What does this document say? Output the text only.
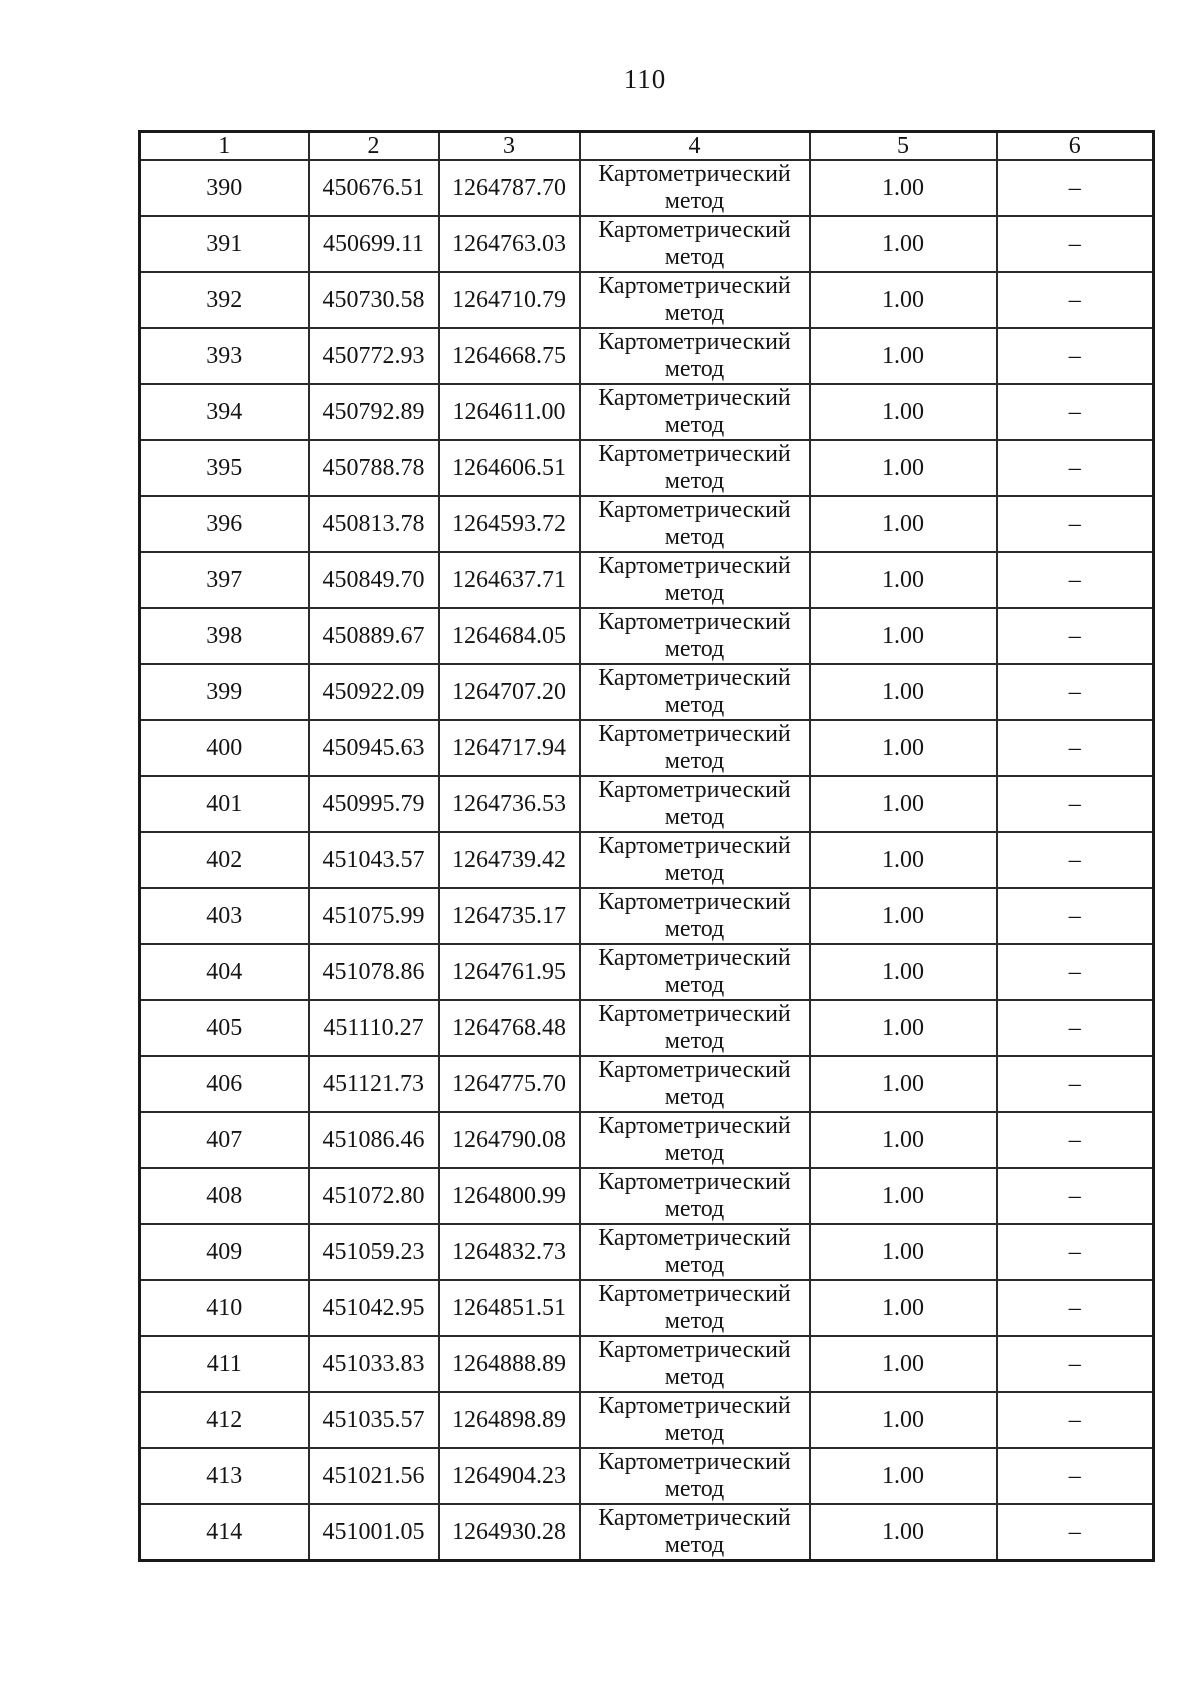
110
1	2	3	4	5	6
390	450676.51	1264787.70	Картометрический метод	1.00	–
391	450699.11	1264763.03	Картометрический метод	1.00	–
392	450730.58	1264710.79	Картометрический метод	1.00	–
393	450772.93	1264668.75	Картометрический метод	1.00	–
394	450792.89	1264611.00	Картометрический метод	1.00	–
395	450788.78	1264606.51	Картометрический метод	1.00	–
396	450813.78	1264593.72	Картометрический метод	1.00	–
397	450849.70	1264637.71	Картометрический метод	1.00	–
398	450889.67	1264684.05	Картометрический метод	1.00	–
399	450922.09	1264707.20	Картометрический метод	1.00	–
400	450945.63	1264717.94	Картометрический метод	1.00	–
401	450995.79	1264736.53	Картометрический метод	1.00	–
402	451043.57	1264739.42	Картометрический метод	1.00	–
403	451075.99	1264735.17	Картометрический метод	1.00	–
404	451078.86	1264761.95	Картометрический метод	1.00	–
405	451110.27	1264768.48	Картометрический метод	1.00	–
406	451121.73	1264775.70	Картометрический метод	1.00	–
407	451086.46	1264790.08	Картометрический метод	1.00	–
408	451072.80	1264800.99	Картометрический метод	1.00	–
409	451059.23	1264832.73	Картометрический метод	1.00	–
410	451042.95	1264851.51	Картометрический метод	1.00	–
411	451033.83	1264888.89	Картометрический метод	1.00	–
412	451035.57	1264898.89	Картометрический метод	1.00	–
413	451021.56	1264904.23	Картометрический метод	1.00	–
414	451001.05	1264930.28	Картометрический метод	1.00	–
